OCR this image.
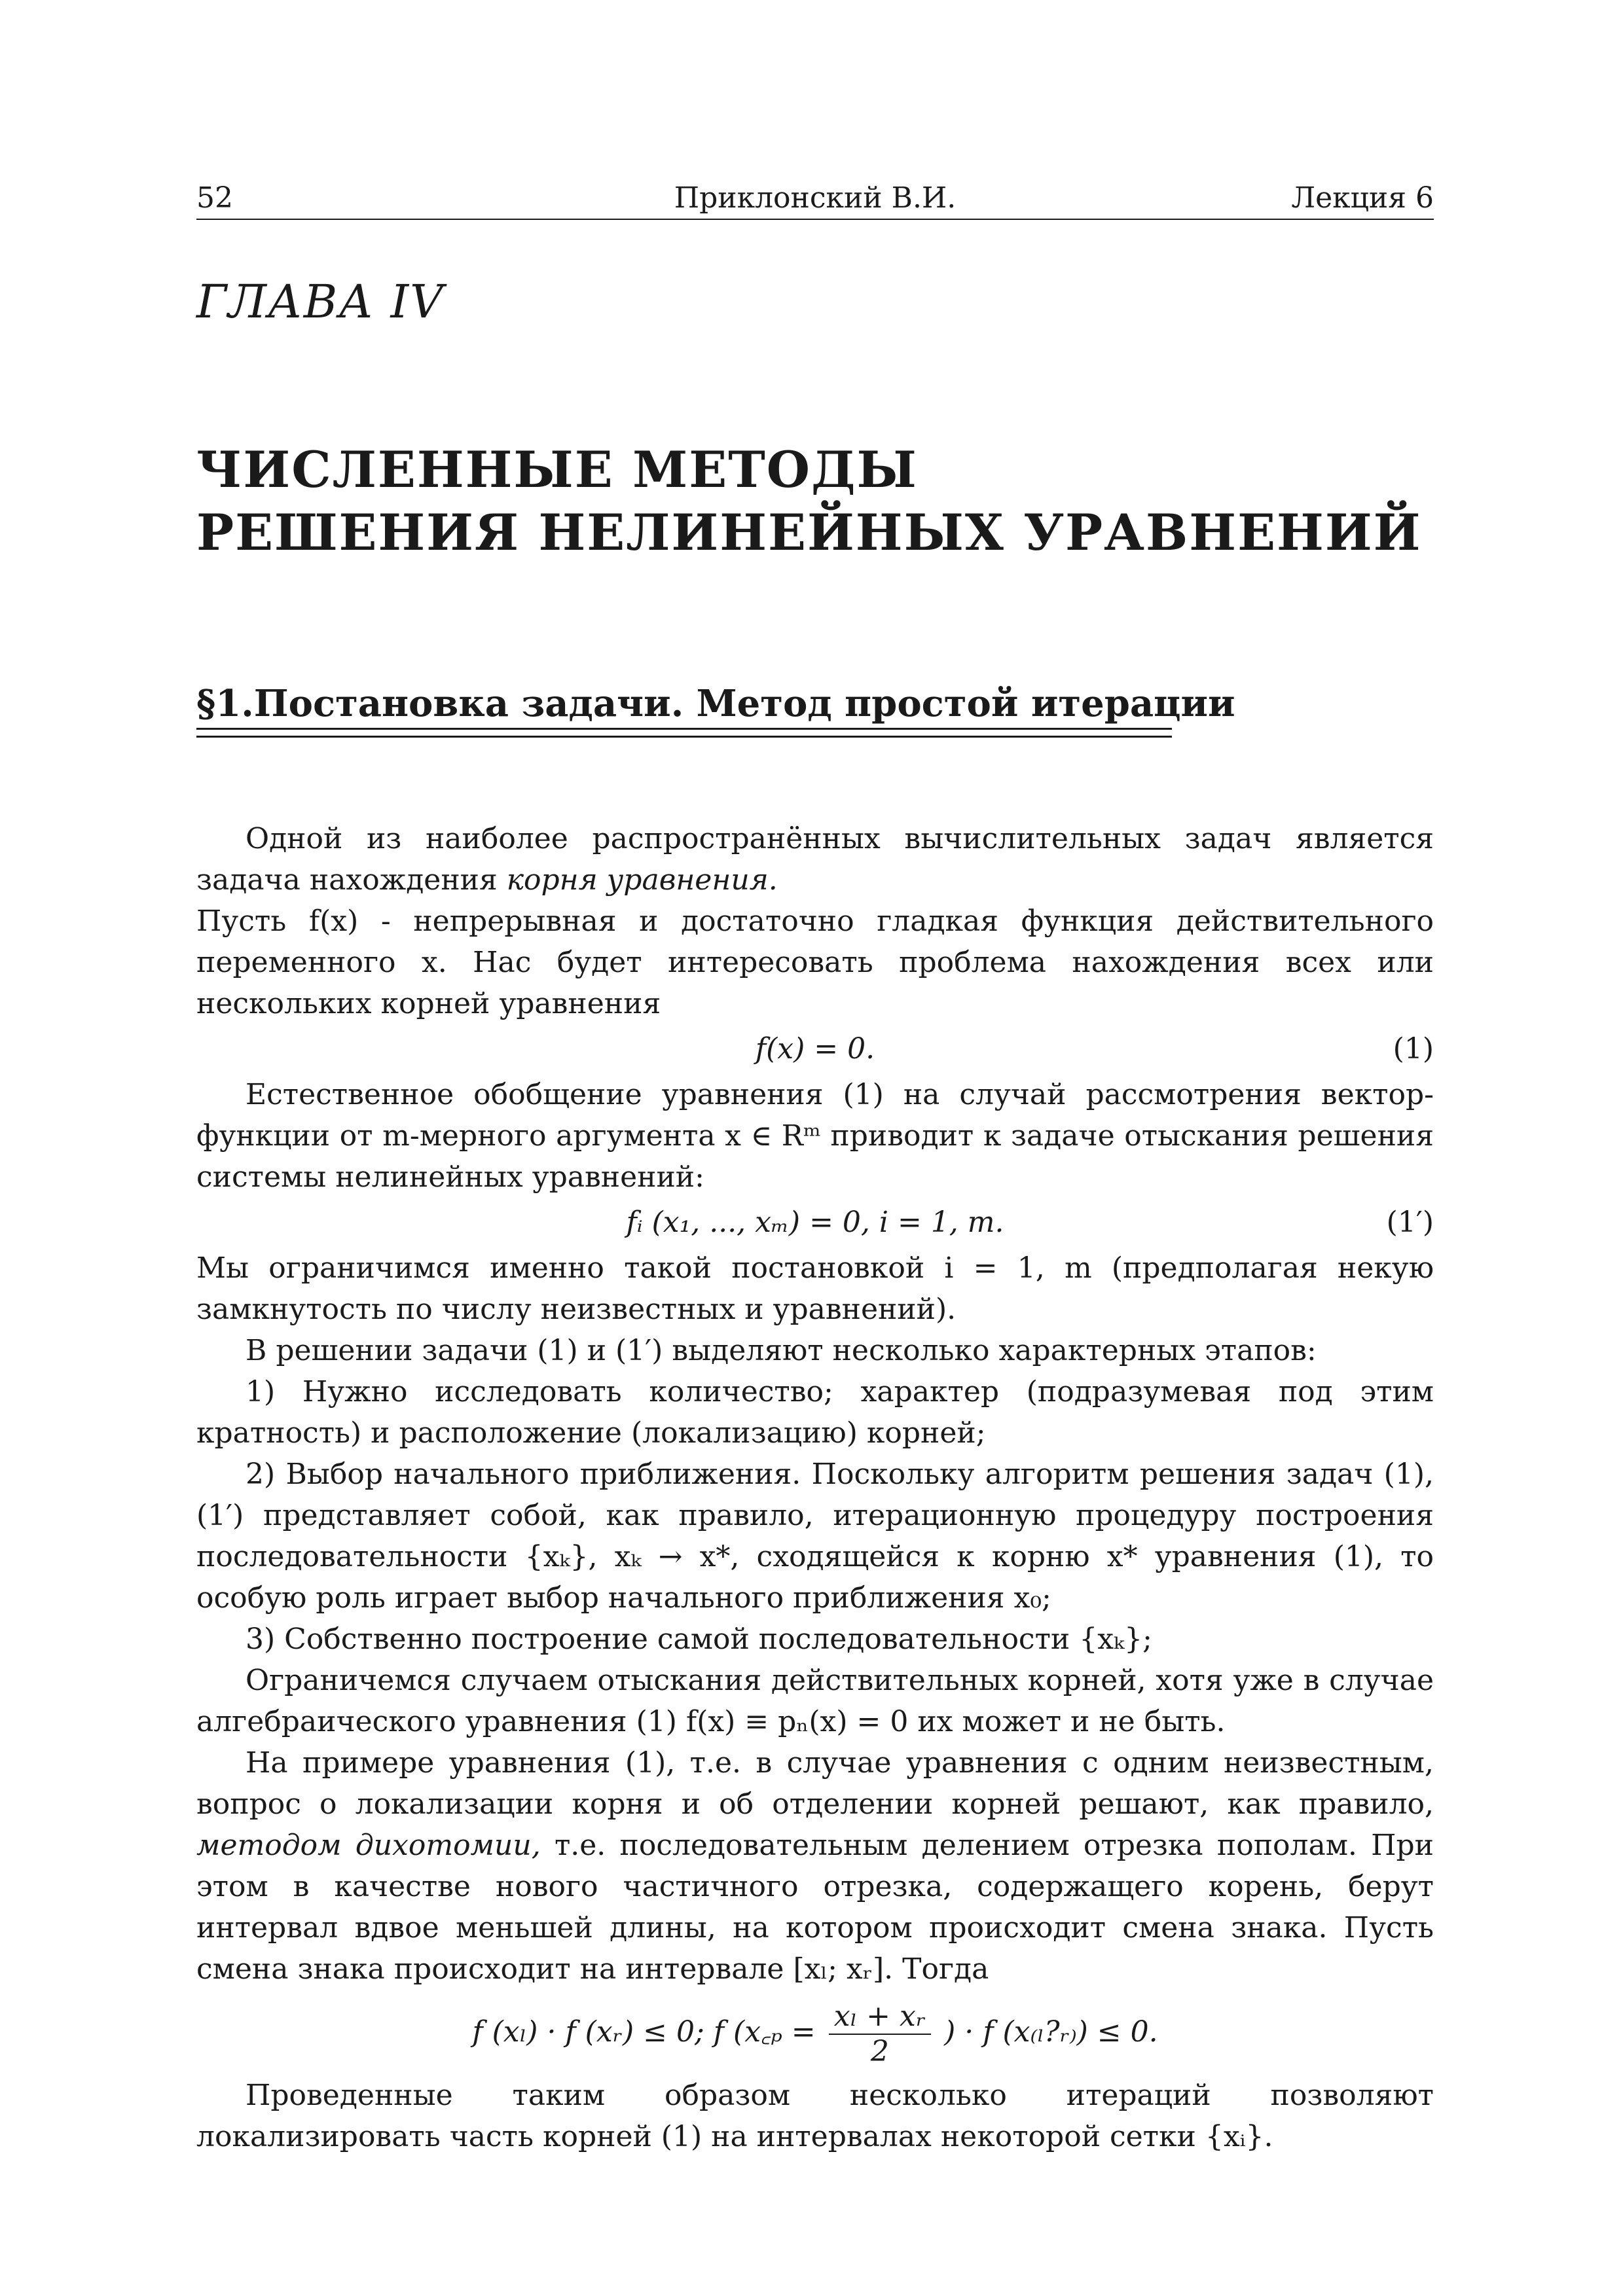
52	Приклонский В.И.	Лекция 6
ГЛАВА IV
ЧИСЛЕННЫЕ МЕТОДЫ
РЕШЕНИЯ НЕЛИНЕЙНЫХ УРАВНЕНИЙ
§1.Постановка задачи. Метод простой итерации

Одной из наиболее распространённых вычислительных задач является задача нахождения корня уравнения.

Пусть f(x) - непрерывная и достаточно гладкая функция действительного переменного x. Нас будет интересовать проблема нахождения всех или нескольких корней уравнения

f(x) = 0.	(1)

Естественное обобщение уравнения (1) на случай рассмотрения вектор-функции от m-мерного аргумента x ∈ Rᵐ приводит к задаче отыскания решения системы нелинейных уравнений:

fᵢ (x₁, ..., xₘ) = 0, i = 1, m.	(1′)

Мы ограничимся именно такой постановкой i = 1, m (предполагая некую замкнутость по числу неизвестных и уравнений).

В решении задачи (1) и (1′) выделяют несколько характерных этапов:

1) Нужно исследовать количество; характер (подразумевая под этим кратность) и расположение (локализацию) корней;

2) Выбор начального приближения. Поскольку алгоритм решения задач (1), (1′) представляет собой, как правило, итерационную процедуру построения последовательности {xₖ}, xₖ → x*, сходящейся к корню x* уравнения (1), то особую роль играет выбор начального приближения x₀;

3) Собственно построение самой последовательности {xₖ};

Ограничемся случаем отыскания действительных корней, хотя уже в случае алгебраического уравнения (1) f(x) ≡ pₙ(x) = 0 их может и не быть.

На примере уравнения (1), т.е. в случае уравнения с одним неизвестным, вопрос о локализации корня и об отделении корней решают, как правило, методом дихотомии, т.е. последовательным делением отрезка пополам. При этом в качестве нового частичного отрезка, содержащего корень, берут интервал вдвое меньшей длины, на котором происходит смена знака. Пусть смена знака происходит на интервале [xₗ; xᵣ]. Тогда

f (xₗ) · f (xᵣ) ≤ 0; f (x꜀ₚ = $\frac{\text{xₗ + xᵣ}}{2}$ ) · f (x₍ₗ?ᵣ₎) ≤ 0.

Проведенные таким образом несколько итераций позволяют локализировать часть корней (1) на интервалах некоторой сетки {xᵢ}.
